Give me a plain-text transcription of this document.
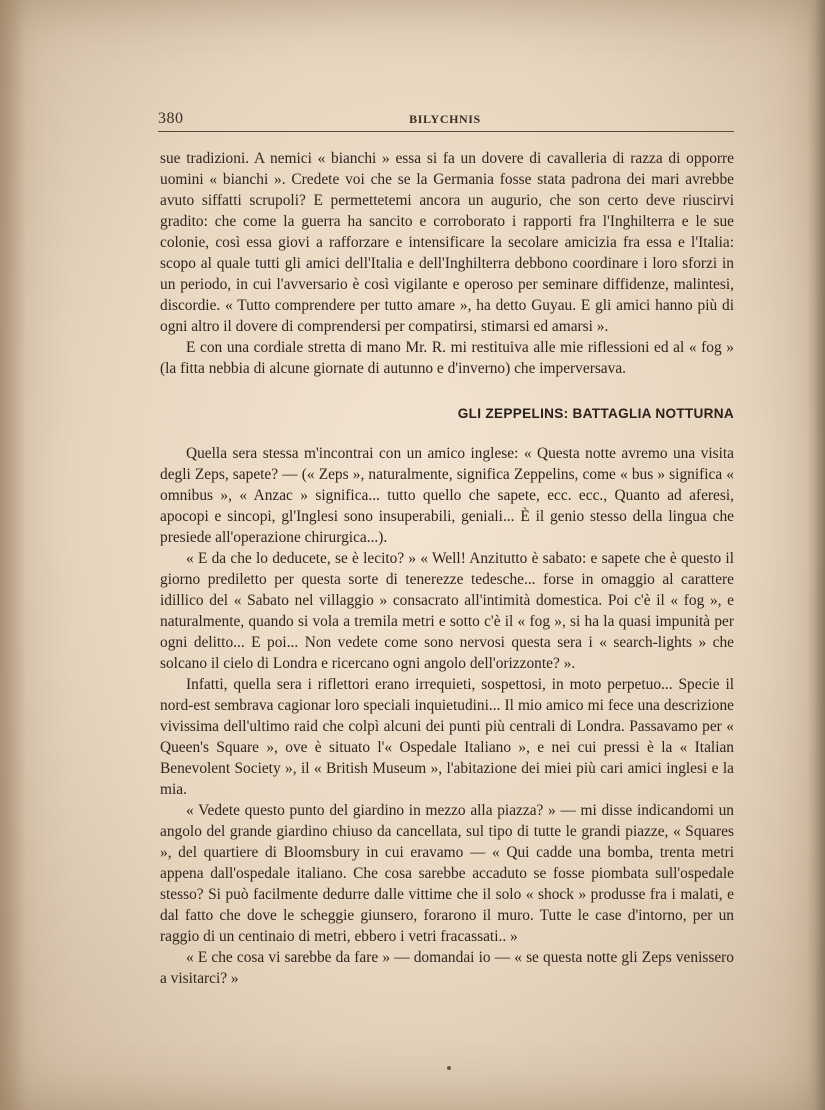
380	BILYCHNIS

sue tradizioni. A nemici « bianchi » essa si fa un dovere di cavalleria di razza di opporre uomini « bianchi ». Credete voi che se la Germania fosse stata padrona dei mari avrebbe avuto siffatti scrupoli? E permettetemi ancora un augurio, che son certo deve riuscirvi gradito: che come la guerra ha sancito e corroborato i rapporti fra l'Inghilterra e le sue colonie, così essa giovi a rafforzare e intensificare la secolare amicizia fra essa e l'Italia: scopo al quale tutti gli amici dell'Italia e dell'Inghilterra debbono coordinare i loro sforzi in un periodo, in cui l'avversario è così vigilante e operoso per seminare diffidenze, malintesi, discordie. « Tutto comprendere per tutto amare », ha detto Guyau. E gli amici hanno più di ogni altro il dovere di comprendersi per compatirsi, stimarsi ed amarsi ».

E con una cordiale stretta di mano Mr. R. mi restituiva alle mie riflessioni ed al « fog » (la fitta nebbia di alcune giornate di autunno e d'inverno) che imperversava.

GLI ZEPPELINS: BATTAGLIA NOTTURNA

Quella sera stessa m'incontrai con un amico inglese: « Questa notte avremo una visita degli Zeps, sapete? — (« Zeps », naturalmente, significa Zeppelins, come « bus » significa « omnibus », « Anzac » significa... tutto quello che sapete, ecc. ecc., Quanto ad aferesi, apocopi e sincopi, gl'Inglesi sono insuperabili, geniali... È il genio stesso della lingua che presiede all'operazione chirurgica...).

« E da che lo deducete, se è lecito? » « Well! Anzitutto è sabato: e sapete che è questo il giorno prediletto per questa sorte di tenerezze tedesche... forse in omaggio al carattere idillico del « Sabato nel villaggio » consacrato all'intimità domestica. Poi c'è il « fog », e naturalmente, quando si vola a tremila metri e sotto c'è il « fog », si ha la quasi impunità per ogni delitto... E poi... Non vedete come sono nervosi questa sera i « search-lights » che solcano il cielo di Londra e ricercano ogni angolo dell'orizzonte? ».

Infatti, quella sera i riflettori erano irrequieti, sospettosi, in moto perpetuo... Specie il nord-est sembrava cagionar loro speciali inquietudini... Il mio amico mi fece una descrizione vivissima dell'ultimo raid che colpì alcuni dei punti più centrali di Londra. Passavamo per « Queen's Square », ove è situato l'« Ospedale Italiano », e nei cui pressi è la « Italian Benevolent Society », il « British Museum », l'abitazione dei miei più cari amici inglesi e la mia.

« Vedete questo punto del giardino in mezzo alla piazza? » — mi disse indicandomi un angolo del grande giardino chiuso da cancellata, sul tipo di tutte le grandi piazze, « Squares », del quartiere di Bloomsbury in cui eravamo — « Qui cadde una bomba, trenta metri appena dall'ospedale italiano. Che cosa sarebbe accaduto se fosse piombata sull'ospedale stesso? Si può facilmente dedurre dalle vittime che il solo « shock » produsse fra i malati, e dal fatto che dove le scheggie giunsero, forarono il muro. Tutte le case d'intorno, per un raggio di un centinaio di metri, ebbero i vetri fracassati.. »

« E che cosa vi sarebbe da fare » — domandai io — « se questa notte gli Zeps venissero a visitarci? »
